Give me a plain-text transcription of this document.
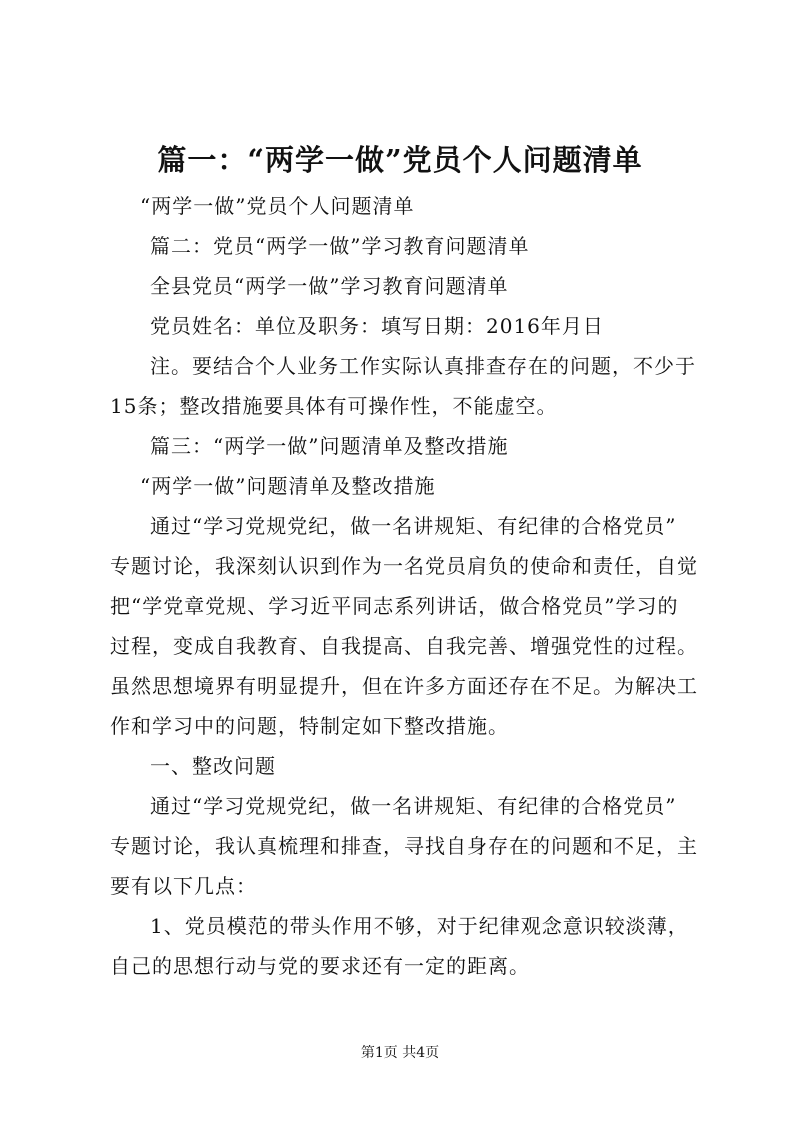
篇一：“两学一做”党员个人问题清单

“两学一做”党员个人问题清单

篇二：党员“两学一做”学习教育问题清单

全县党员“两学一做”学习教育问题清单

党员姓名：单位及职务：填写日期：2016年月日

注。要结合个人业务工作实际认真排查存在的问题，不少于

15条；整改措施要具体有可操作性，不能虚空。

篇三：“两学一做”问题清单及整改措施

“两学一做”问题清单及整改措施

通过“学习党规党纪，做一名讲规矩、有纪律的合格党员”

专题讨论，我深刻认识到作为一名党员肩负的使命和责任，自觉

把“学党章党规、学习近平同志系列讲话，做合格党员”学习的

过程，变成自我教育、自我提高、自我完善、增强党性的过程。

虽然思想境界有明显提升，但在许多方面还存在不足。为解决工

作和学习中的问题，特制定如下整改措施。

一、整改问题

通过“学习党规党纪，做一名讲规矩、有纪律的合格党员”

专题讨论，我认真梳理和排查，寻找自身存在的问题和不足，主

要有以下几点：

1、党员模范的带头作用不够，对于纪律观念意识较淡薄，

自己的思想行动与党的要求还有一定的距离。

第1页 共4页
